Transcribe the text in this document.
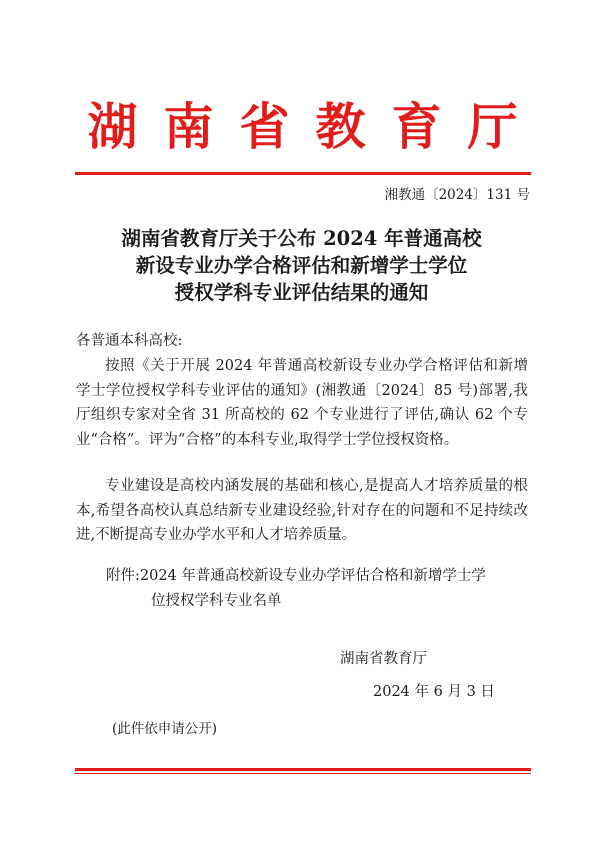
湖南省教育厅
湘教通〔2024〕131 号
湖南省教育厅关于公布 2024 年普通高校
新设专业办学合格评估和新增学士学位
授权学科专业评估结果的通知
各普通本科高校:
按照《关于开展 2024 年普通高校新设专业办学合格评估和新增学士学位授权学科专业评估的通知》(湘教通〔2024〕85 号)部署,我厅组织专家对全省 31 所高校的 62 个专业进行了评估,确认 62 个专业“合格”。评为“合格”的本科专业,取得学士学位授权资格。
专业建设是高校内涵发展的基础和核心,是提高人才培养质量的根本,希望各高校认真总结新专业建设经验,针对存在的问题和不足持续改进,不断提高专业办学水平和人才培养质量。
附件:2024 年普通高校新设专业办学评估合格和新增学士学
位授权学科专业名单
湖南省教育厅
2024 年 6 月 3 日
(此件依申请公开)
